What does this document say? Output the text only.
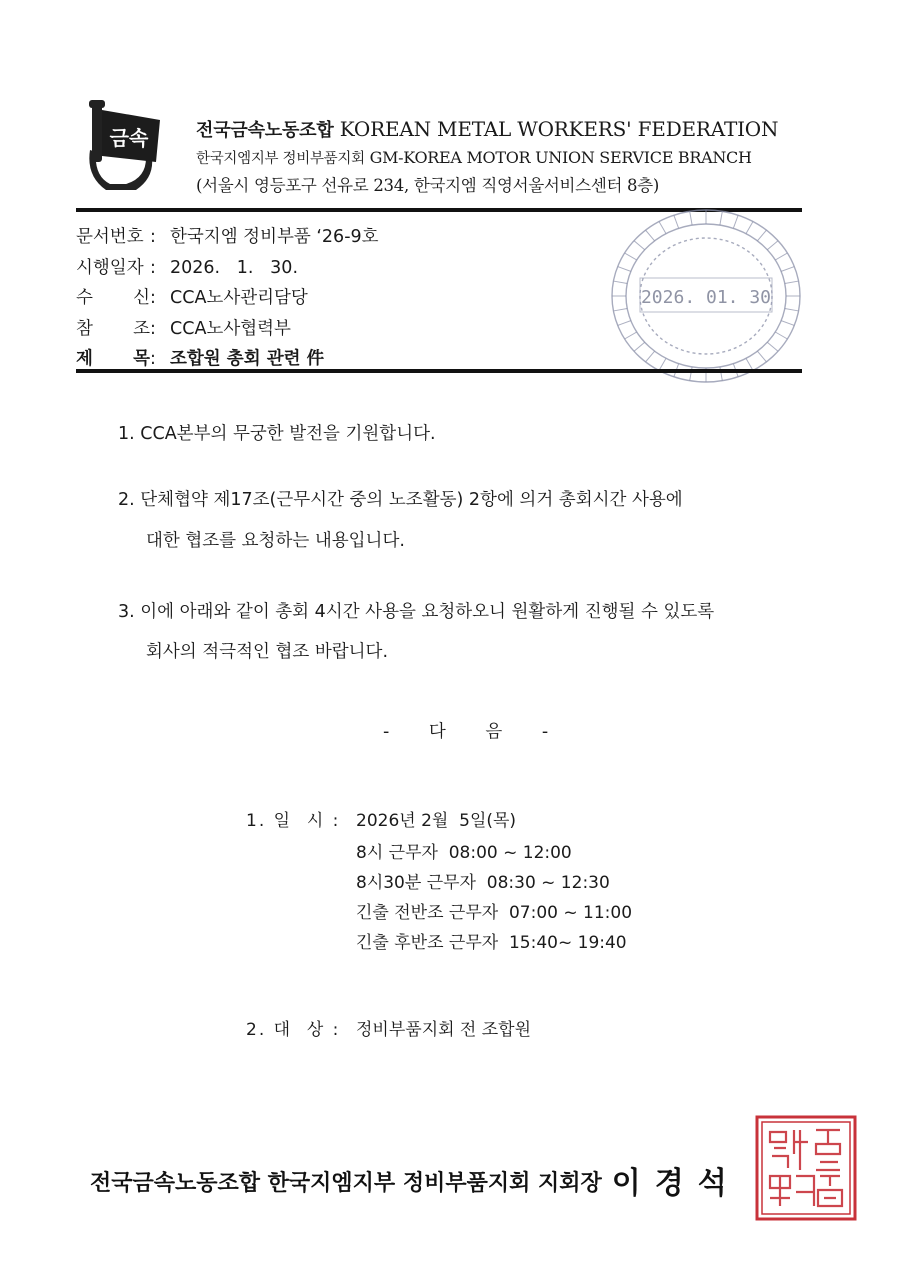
금속	전국금속노동조합 KOREAN METAL WORKERS' FEDERATION
한국지엠지부 정비부품지회 GM-KOREA MOTOR UNION SERVICE BRANCH
(서울시 영등포구 선유로 234, 한국지엠 직영서울서비스센터 8층)
문서번호 : 한국지엠 정비부품 ‘26-9호
시행일자 : 2026.   1.   30.
수 신 : CCA노사관리담당
참 조 : CCA노사협력부
제 목 : 조합원 총회 관련 件
2026. 01. 30
1. CCA본부의 무궁한 발전을 기원합니다.
2. 단체협약 제17조(근무시간 중의 노조활동) 2항에 의거 총회시간 사용에
대한 협조를 요청하는 내용입니다.
3. 이에 아래와 같이 총회 4시간 사용을 요청하오니 원활하게 진행될 수 있도록
회사의 적극적인 협조 바랍니다.
- 다 음 -
1. 일  시 : 2026년 2월  5일(목)
8시 근무자  08:00 ~ 12:00
8시30분 근무자  08:30 ~ 12:30
긴출 전반조 근무자  07:00 ~ 11:00
긴출 후반조 근무자  15:40~ 19:40
2. 대  상 : 정비부품지회 전 조합원
전국금속노동조합 한국지엠지부 정비부품지회 지회장 이경석
